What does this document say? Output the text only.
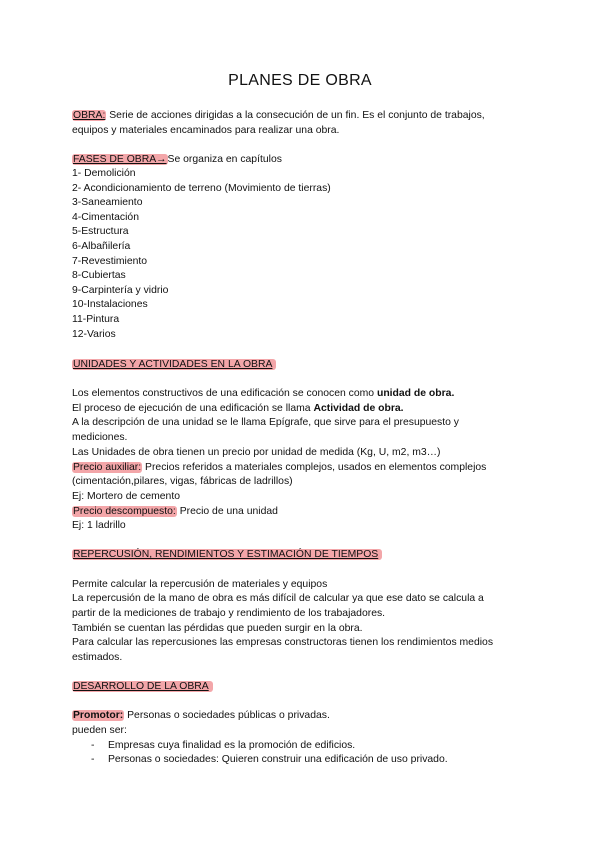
PLANES DE OBRA
OBRA: Serie de acciones dirigidas a la consecución de un fin. Es el conjunto de trabajos,
equipos y materiales encaminados para realizar una obra.
FASES DE OBRA→Se organiza en capítulos
1- Demolición
2- Acondicionamiento de terreno (Movimiento de tierras)
3-Saneamiento
4-Cimentación
5-Estructura
6-Albañilería
7-Revestimiento
8-Cubiertas
9-Carpintería y vidrio
10-Instalaciones
11-Pintura
12-Varios
UNIDADES Y ACTIVIDADES EN LA OBRA
Los elementos constructivos de una edificación se conocen como unidad de obra.
El proceso de ejecución de una edificación se llama Actividad de obra.
A la descripción de una unidad se le llama Epígrafe, que sirve para el presupuesto y
mediciones.
Las Unidades de obra tienen un precio por unidad de medida (Kg, U, m2, m3…)
Precio auxiliar: Precios referidos a materiales complejos, usados en elementos complejos
(cimentación,pilares, vigas, fábricas de ladrillos)
Ej: Mortero de cemento
Precio descompuesto: Precio de una unidad
Ej: 1 ladrillo
REPERCUSIÓN, RENDIMIENTOS Y ESTIMACIÓN DE TIEMPOS
Permite calcular la repercusión de materiales y equipos
La repercusión de la mano de obra es más difícil de calcular ya que ese dato se calcula a
partir de la mediciones de trabajo y rendimiento de los trabajadores.
También se cuentan las pérdidas que pueden surgir en la obra.
Para calcular las repercusiones las empresas constructoras tienen los rendimientos medios
estimados.
DESARROLLO DE LA OBRA
Promotor: Personas o sociedades públicas o privadas.
pueden ser:
- Empresas cuya finalidad es la promoción de edificios.
- Personas o sociedades: Quieren construir una edificación de uso privado.
